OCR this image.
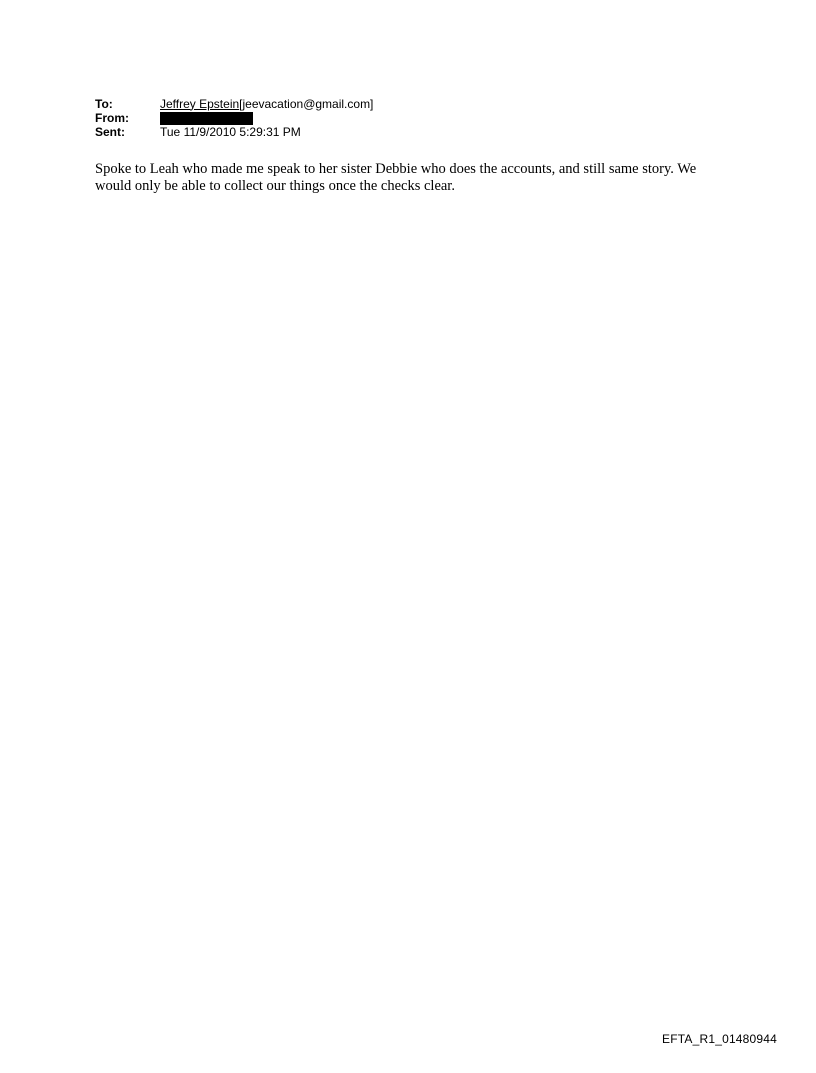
To:	Jeffrey Epstein[jeevacation@gmail.com]
From:
Sent:	Tue 11/9/2010 5:29:31 PM

Spoke to Leah who made me speak to her sister Debbie who does the accounts, and still same story. We would only be able to collect our things once the checks clear.

EFTA_R1_01480944
